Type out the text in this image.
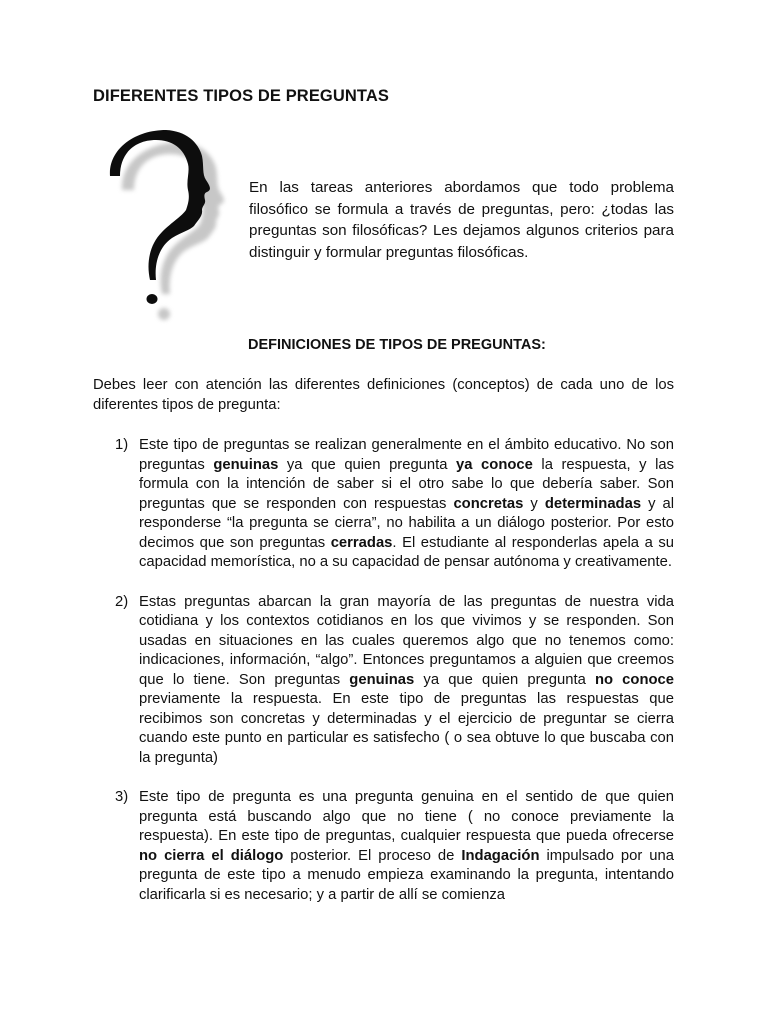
DIFERENTES TIPOS DE PREGUNTAS

En las tareas anteriores abordamos que todo problema filosófico se formula a través de preguntas, pero: ¿todas las preguntas son filosóficas? Les dejamos algunos criterios para distinguir y formular preguntas filosóficas.

DEFINICIONES DE TIPOS DE PREGUNTAS:

Debes leer con atención las diferentes definiciones (conceptos) de cada uno de los diferentes tipos de pregunta:

1) Este tipo de preguntas se realizan generalmente en el ámbito educativo. No son preguntas genuinas ya que quien pregunta ya conoce la respuesta, y las formula con la intención de saber si el otro sabe lo que debería saber. Son preguntas que se responden con respuestas concretas y determinadas y al responderse “la pregunta se cierra”, no habilita a un diálogo posterior. Por esto decimos que son preguntas cerradas. El estudiante al responderlas apela a su capacidad memorística, no a su capacidad de pensar autónoma y creativamente.

2) Estas preguntas abarcan la gran mayoría de las preguntas de nuestra vida cotidiana y los contextos cotidianos en los que vivimos y se responden. Son usadas en situaciones en las cuales queremos algo que no tenemos como: indicaciones, información, “algo”. Entonces preguntamos a alguien que creemos que lo tiene. Son preguntas genuinas ya que quien pregunta no conoce previamente la respuesta. En este tipo de preguntas las respuestas que recibimos son concretas y determinadas y el ejercicio de preguntar se cierra cuando este punto en particular es satisfecho ( o sea obtuve lo que buscaba con la pregunta)

3) Este tipo de pregunta es una pregunta genuina en el sentido de que quien pregunta está buscando algo que no tiene ( no conoce previamente la respuesta). En este tipo de preguntas, cualquier respuesta que pueda ofrecerse no cierra el diálogo posterior. El proceso de Indagación impulsado por una pregunta de este tipo a menudo empieza examinando la pregunta, intentando clarificarla si es necesario; y a partir de allí se comienza
